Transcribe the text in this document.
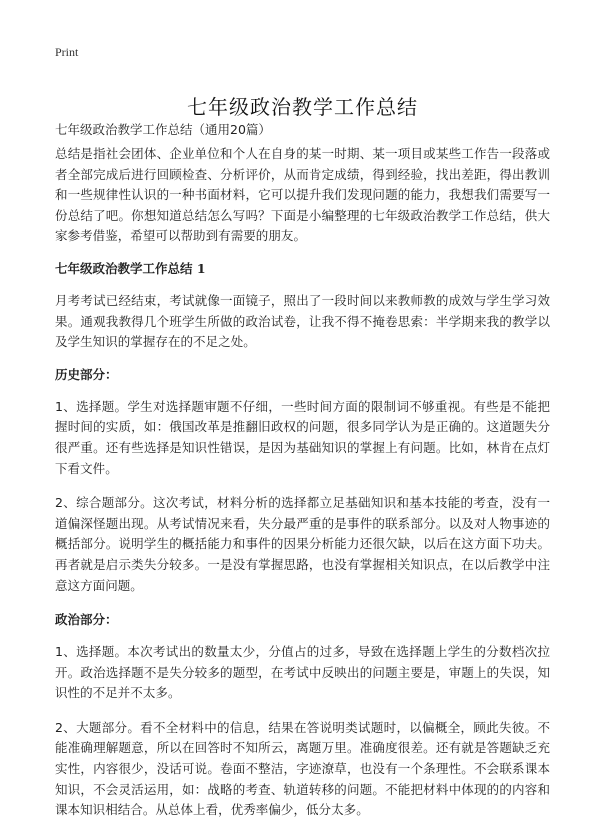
Print
七年级政治教学工作总结
七年级政治教学工作总结（通用20篇）

总结是指社会团体、企业单位和个人在自身的某一时期、某一项目或某些工作告一段落或者全部完成后进行回顾检查、分析评价，从而肯定成绩，得到经验，找出差距，得出教训和一些规律性认识的一种书面材料，它可以提升我们发现问题的能力，我想我们需要写一份总结了吧。你想知道总结怎么写吗？下面是小编整理的七年级政治教学工作总结，供大家参考借鉴，希望可以帮助到有需要的朋友。

七年级政治教学工作总结 1

月考考试已经结束，考试就像一面镜子，照出了一段时间以来教师教的成效与学生学习效果。通观我教得几个班学生所做的政治试卷，让我不得不掩卷思索：半学期来我的教学以及学生知识的掌握存在的不足之处。

历史部分：

1、选择题。学生对选择题审题不仔细，一些时间方面的限制词不够重视。有些是不能把握时间的实质，如：俄国改革是推翻旧政权的问题，很多同学认为是正确的。这道题失分很严重。还有些选择是知识性错误，是因为基础知识的掌握上有问题。比如，林肯在点灯下看文件。

2、综合题部分。这次考试，材料分析的选择都立足基础知识和基本技能的考查，没有一道偏深怪题出现。从考试情况来看，失分最严重的是事件的联系部分。以及对人物事迹的概括部分。说明学生的概括能力和事件的因果分析能力还很欠缺，以后在这方面下功夫。再者就是启示类失分较多。一是没有掌握思路，也没有掌握相关知识点，在以后教学中注意这方面问题。

政治部分：

1、选择题。本次考试出的数量太少，分值占的过多，导致在选择题上学生的分数档次拉开。政治选择题不是失分较多的题型，在考试中反映出的问题主要是，审题上的失误，知识性的不足并不太多。

2、大题部分。看不全材料中的信息，结果在答说明类试题时，以偏概全，顾此失彼。不能准确理解题意，所以在回答时不知所云，离题万里。准确度很差。还有就是答题缺乏充实性，内容很少，没话可说。卷面不整洁，字迹潦草，也没有一个条理性。不会联系课本知识，不会灵活运用，如：战略的考查、轨道转移的问题。不能把材料中体现的的内容和课本知识相结合。从总体上看，优秀率偏少，低分太多。
